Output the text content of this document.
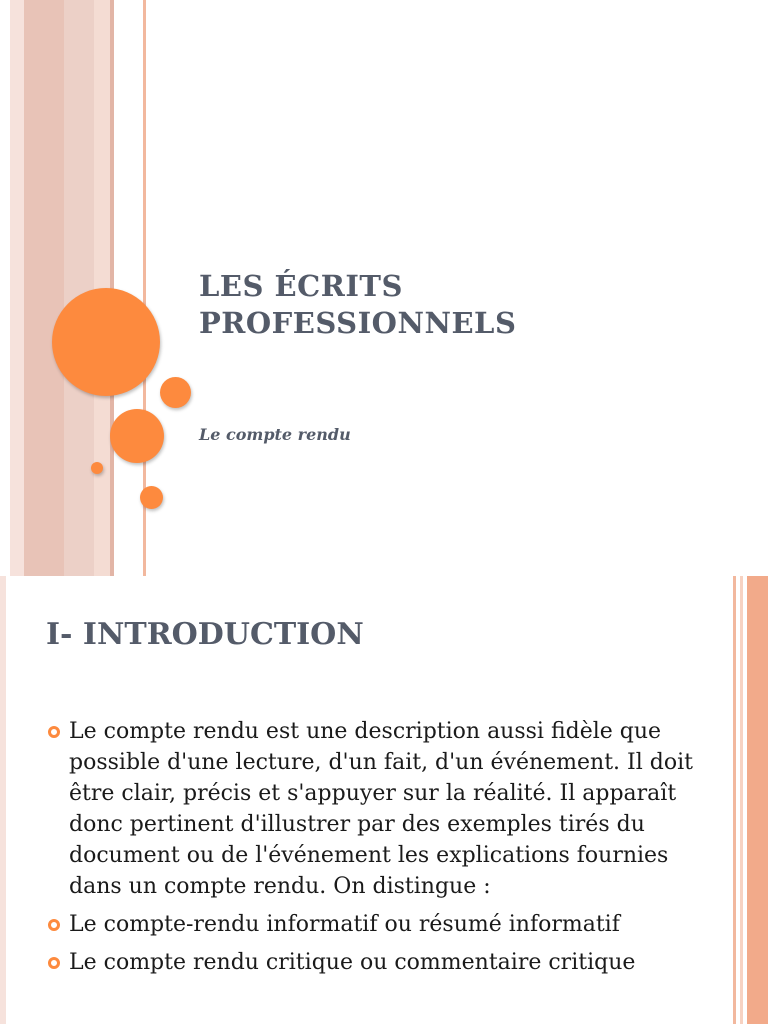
LES ÉCRITS
PROFESSIONNELS
Le compte rendu
I- INTRODUCTION
Le compte rendu est une description aussi fidèle que possible d'une lecture, d'un fait, d'un événement. Il doit être clair, précis et s'appuyer sur la réalité. Il apparaît donc pertinent d'illustrer par des exemples tirés du document ou de l'événement les explications fournies dans un compte rendu. On distingue :
Le compte-rendu informatif ou résumé informatif
Le compte rendu critique ou commentaire critique
